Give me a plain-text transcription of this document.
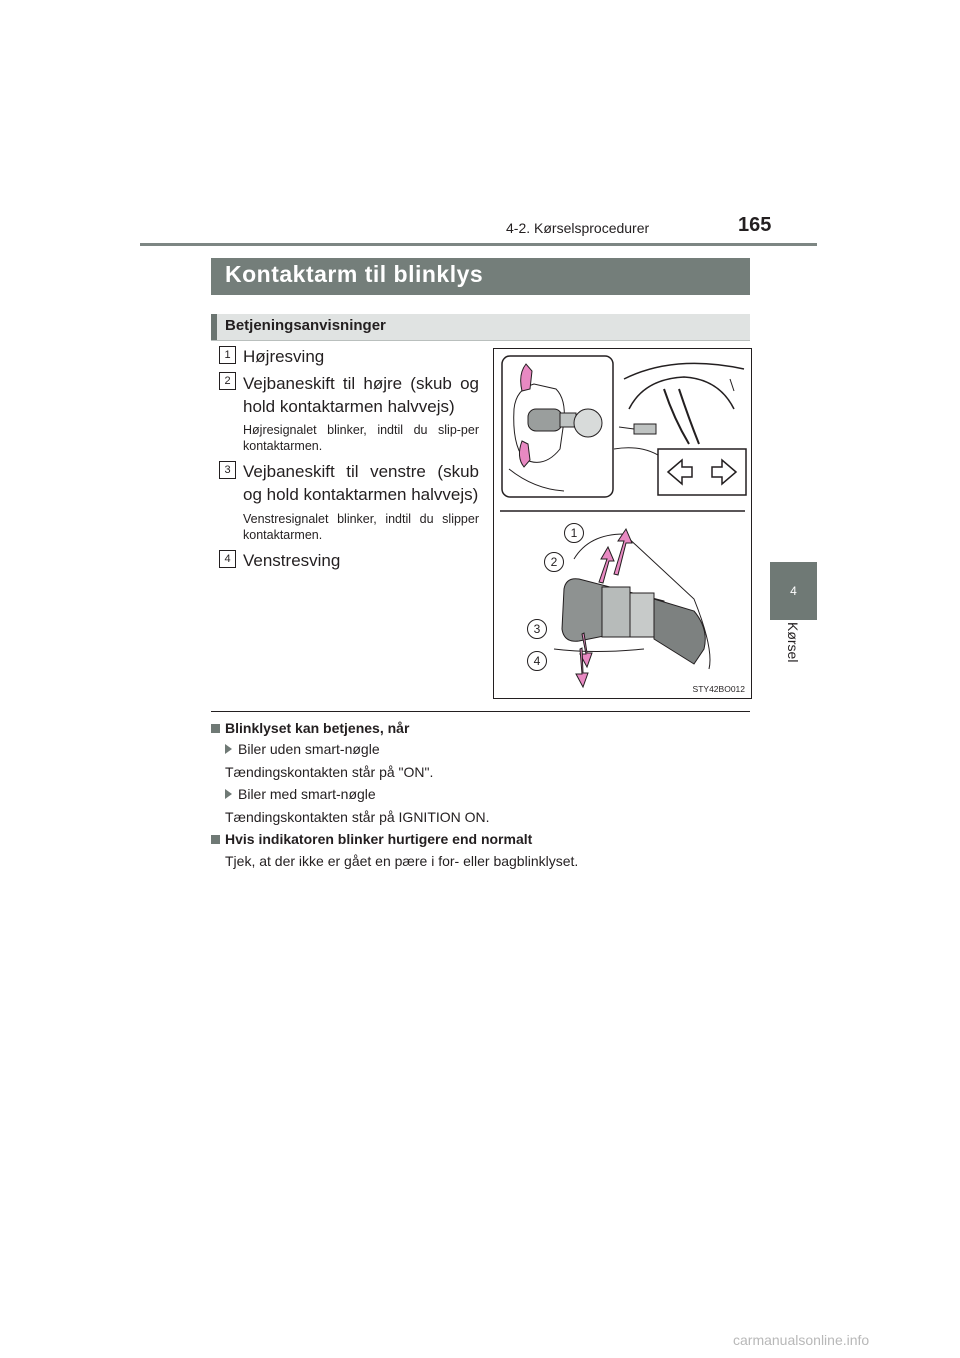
4-2. Kørselsprocedurer	165
4
Kørsel
Kontaktarm til blinklys
Betjeningsanvisninger
1 Højresving
2 Vejbaneskift til højre (skub og hold kontaktarmen halvvejs)
Højresignalet blinker, indtil du slip-per kontaktarmen.
3 Vejbaneskift til venstre (skub og hold kontaktarmen halvvejs)
Venstresignalet blinker, indtil du slipper kontaktarmen.
4 Venstresving
1
2
3
4
STY42BO012
Blinklyset kan betjenes, når
Biler uden smart-nøgle
Tændingskontakten står på "ON".
Biler med smart-nøgle
Tændingskontakten står på IGNITION ON.
Hvis indikatoren blinker hurtigere end normalt
Tjek, at der ikke er gået en pære i for- eller bagblinklyset.
carmanualsonline.info
